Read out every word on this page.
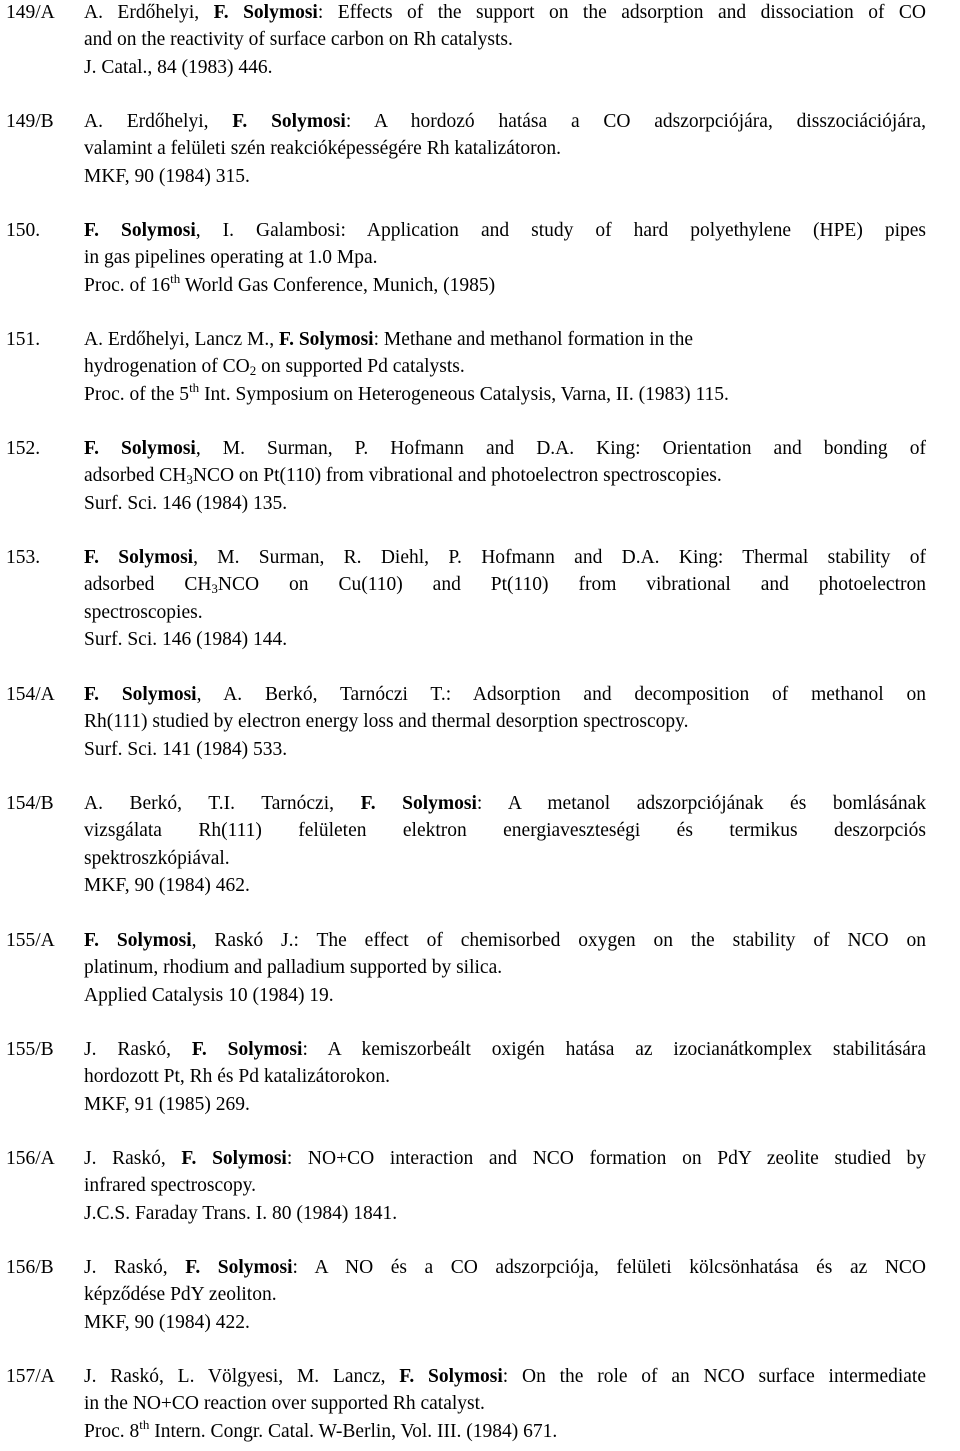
149/A A. Erdőhelyi, F. Solymosi: Effects of the support on the adsorption and dissociation of CO
and on the reactivity of surface carbon on Rh catalysts.
J. Catal., 84 (1983) 446.
149/B A. Erdőhelyi, F. Solymosi: A hordozó hatása a CO adszorpciójára, disszociációjára,
valamint a felületi szén reakcióképességére Rh katalizátoron.
MKF, 90 (1984) 315.
150. F. Solymosi, I. Galambosi: Application and study of hard polyethylene (HPE) pipes
in gas pipelines operating at 1.0 Mpa.
Proc. of 16th World Gas Conference, Munich, (1985)
151. A. Erdőhelyi, Lancz M., F. Solymosi: Methane and methanol formation in the
hydrogenation of $CO_2$ on supported Pd catalysts.
Proc. of the 5th Int. Symposium on Heterogeneous Catalysis, Varna, II. (1983) 115.
152. F. Solymosi, M. Surman, P. Hofmann and D.A. King: Orientation and bonding of
adsorbed $CH_3NCO$ on Pt(110) from vibrational and photoelectron spectroscopies.
Surf. Sci. 146 (1984) 135.
153. F. Solymosi, M. Surman, R. Diehl, P. Hofmann and D.A. King: Thermal stability of
adsorbed $CH_3NCO$ on Cu(110) and Pt(110) from vibrational and photoelectron
spectroscopies.
Surf. Sci. 146 (1984) 144.
154/A F. Solymosi, A. Berkó, Tarnóczi T.: Adsorption and decomposition of methanol on
Rh(111) studied by electron energy loss and thermal desorption spectroscopy.
Surf. Sci. 141 (1984) 533.
154/B A. Berkó, T.I. Tarnóczi, F. Solymosi: A metanol adszorpciójának és bomlásának
vizsgálata Rh(111) felületen elektron energiaveszteségi és termikus deszorpciós
spektroszkópiával.
MKF, 90 (1984) 462.
155/A F. Solymosi, Raskó J.: The effect of chemisorbed oxygen on the stability of NCO on
platinum, rhodium and palladium supported by silica.
Applied Catalysis 10 (1984) 19.
155/B J. Raskó, F. Solymosi: A kemiszorbeált oxigén hatása az izocianátkomplex stabilitására
hordozott Pt, Rh és Pd katalizátorokon.
MKF, 91 (1985) 269.
156/A J. Raskó, F. Solymosi: NO+CO interaction and NCO formation on PdY zeolite studied by
infrared spectroscopy.
J.C.S. Faraday Trans. I. 80 (1984) 1841.
156/B J. Raskó, F. Solymosi: A NO és a CO adszorpciója, felületi kölcsönhatása és az NCO
képződése PdY zeoliton.
MKF, 90 (1984) 422.
157/A J. Raskó, L. Völgyesi, M. Lancz, F. Solymosi: On the role of an NCO surface intermediate
in the NO+CO reaction over supported Rh catalyst.
Proc. 8th Intern. Congr. Catal. W-Berlin, Vol. III. (1984) 671.
